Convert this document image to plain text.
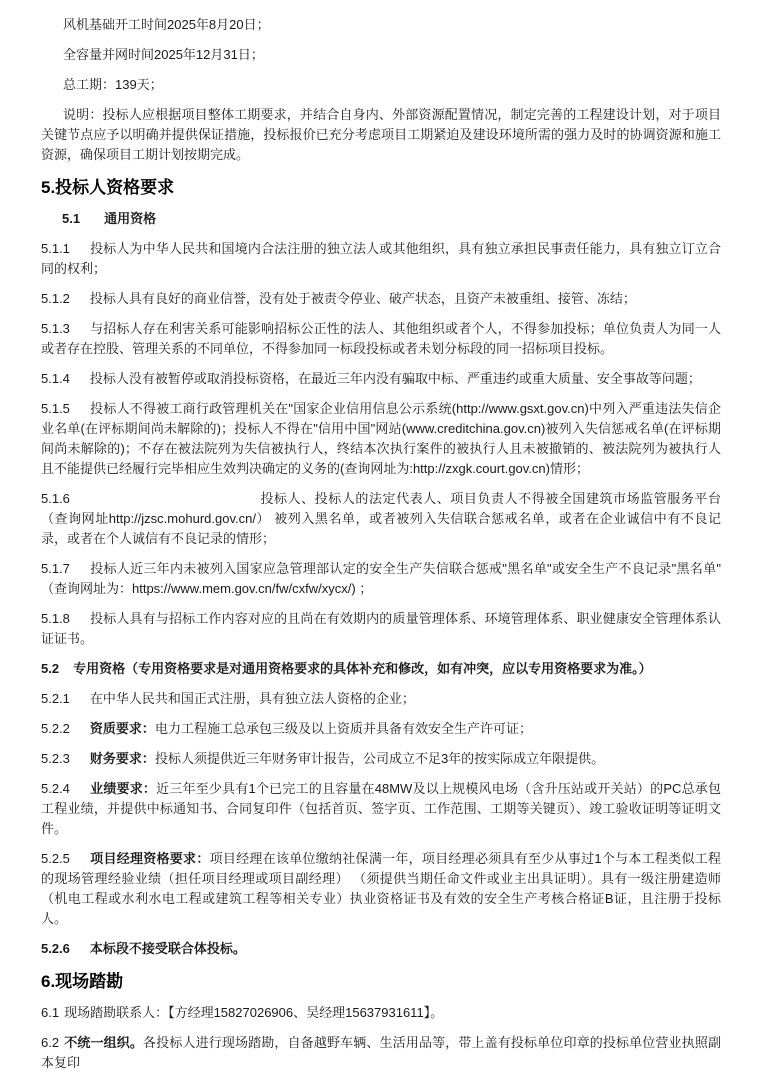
风机基础开工时间2025年8月20日；

全容量并网时间2025年12月31日；

总工期：139天；

说明：投标人应根据项目整体工期要求，并结合自身内、外部资源配置情况，制定完善的工程建设计划，对于项目关键节点应予以明确并提供保证措施，投标报价已充分考虑项目工期紧迫及建设环境所需的强力及时的协调资源和施工资源，确保项目工期计划按期完成。

5.投标人资格要求

5.1 通用资格

5.1.1 投标人为中华人民共和国境内合法注册的独立法人或其他组织，具有独立承担民事责任能力，具有独立订立合同的权利；

5.1.2 投标人具有良好的商业信誉，没有处于被责令停业、破产状态，且资产未被重组、接管、冻结；

5.1.3 与招标人存在利害关系可能影响招标公正性的法人、其他组织或者个人，不得参加投标；单位负责人为同一人或者存在控股、管理关系的不同单位，不得参加同一标段投标或者未划分标段的同一招标项目投标。

5.1.4 投标人没有被暂停或取消投标资格，在最近三年内没有骗取中标、严重违约或重大质量、安全事故等问题；

5.1.5 投标人不得被工商行政管理机关在"国家企业信用信息公示系统(http://www.gsxt.gov.cn)中列入严重违法失信企业名单(在评标期间尚未解除的)；投标人不得在"信用中国"网站(www.creditchina.gov.cn)被列入失信惩戒名单(在评标期间尚未解除的)；不存在被法院列为失信被执行人，终结本次执行案件的被执行人且未被撤销的、被法院列为被执行人且不能提供已经履行完毕相应生效判决确定的义务的(查询网址为:http://zxgk.court.gov.cn)情形；

5.1.6	投标人、投标人的法定代表人、项目负责人不得被全国建筑市场监管服务平台 （查询网址http://jzsc.mohurd.gov.cn/） 被列入黑名单，或者被列入失信联合惩戒名单，或者在企业诚信中有不良记录，或者在个人诚信有不良记录的情形；

5.1.7 投标人近三年内未被列入国家应急管理部认定的安全生产失信联合惩戒"黑名单"或安全生产不良记录"黑名单" （查询网址为：https://www.mem.gov.cn/fw/cxfw/xycx/) ；

5.1.8 投标人具有与招标工作内容对应的且尚在有效期内的质量管理体系、环境管理体系、职业健康安全管理体系认证证书。

5.2 专用资格（专用资格要求是对通用资格要求的具体补充和修改，如有冲突，应以专用资格要求为准。）

5.2.1 在中华人民共和国正式注册，具有独立法人资格的企业；

5.2.2 资质要求：电力工程施工总承包三级及以上资质并具备有效安全生产许可证；

5.2.3 财务要求：投标人须提供近三年财务审计报告，公司成立不足3年的按实际成立年限提供。

5.2.4 业绩要求：近三年至少具有1个已完工的且容量在48MW及以上规模风电场（含升压站或开关站）的PC总承包工程业绩，并提供中标通知书、合同复印件（包括首页、签字页、工作范围、工期等关键页）、竣工验收证明等证明文件。

5.2.5 项目经理资格要求：项目经理在该单位缴纳社保满一年，项目经理必须具有至少从事过1个与本工程类似工程的现场管理经验业绩（担任项目经理或项目副经理） （须提供当期任命文件或业主出具证明）。具有一级注册建造师（机电工程或水利水电工程或建筑工程等相关专业）执业资格证书及有效的安全生产考核合格证B证，且注册于投标人。

5.2.6 本标段不接受联合体投标。

6.现场踏勘

6.1 现场踏勘联系人：【方经理15827026906、吴经理15637931611】。

6.2 不统一组织。各投标人进行现场踏勘，自备越野车辆、生活用品等，带上盖有投标单位印章的投标单位营业执照副本复印
